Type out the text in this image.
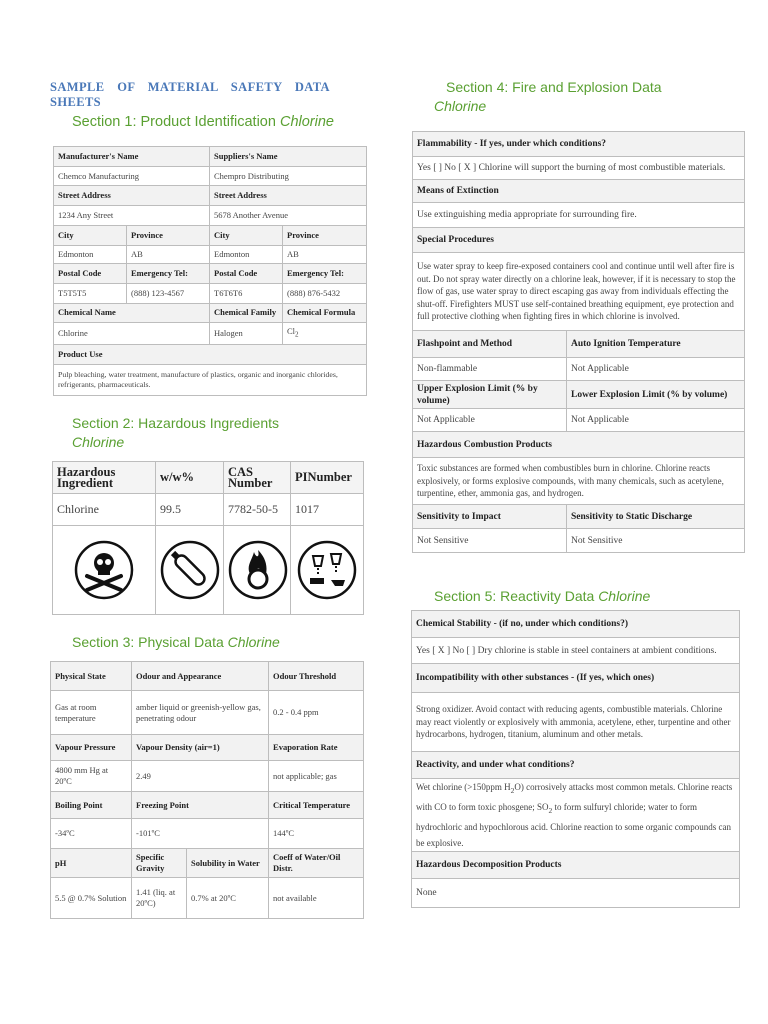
SAMPLE OF MATERIAL SAFETY DATA SHEETS
Section 1: Product Identification Chlorine
Manufacturer's Name		Suppliers's Name	
Chemco Manufacturing		Chempro Distributing	
Street Address		Street Address	
1234 Any Street		5678 Another Avenue	
City	Province	City	Province
Edmonton	AB	Edmonton	AB
Postal Code	Emergency Tel:	Postal Code	Emergency Tel:
T5T5T5	(888) 123-4567	T6T6T6	(888) 876-5432
Chemical Name		Chemical Family	Chemical Formula
Chlorine		Halogen	$Cl_2$
Product Use			
Pulp bleaching, water treatment, manufacture of plastics, organic and inorganic chlorides, refrigerants, pharmaceuticals.			
Section 2: Hazardous Ingredients
Chlorine
Hazardous Ingredient	w/w%	CAS Number	PINumber
Chlorine	99.5	7782-50-5	1017

Section 3: Physical Data Chlorine
Physical State	Odour and Appearance		Odour Threshold
Gas at room temperature	amber liquid or greenish-yellow gas, penetrating odour		0.2 - 0.4 ppm
Vapour Pressure	Vapour Density (air=1)		Evaporation Rate
4800 mm Hg at 20ºC	2.49		not applicable; gas
Boiling Point	Freezing Point		Critical Temperature
-34ºC	-101ºC		144ºC
pH	Specific Gravity	Solubility in Water	Coeff of Water/Oil Distr.
5.5 @ 0.7% Solution	1.41 (liq. at 20ºC)	0.7% at 20ºC	not available
Section 4: Fire and Explosion Data
Chlorine
Flammability - If yes, under which conditions?	
Yes [ ] No [ X ] Chlorine will support the burning of most combustible materials.	
Means of Extinction	
Use extinguishing media appropriate for surrounding fire.	
Special Procedures	
Use water spray to keep fire-exposed containers cool and continue until well after fire is out. Do not spray water directly on a chlorine leak, however, if it is necessary to stop the flow of gas, use water spray to direct escaping gas away from individuals effecting the shut-off. Firefighters MUST use self-contained breathing equipment, eye protection and full protective clothing when fighting fires in which chlorine is involved.	
Flashpoint and Method	Auto Ignition Temperature
Non-flammable	Not Applicable
Upper Explosion Limit (% by volume)	Lower Explosion Limit (% by volume)
Not Applicable	Not Applicable
Hazardous Combustion Products	
Toxic substances are formed when combustibles burn in chlorine. Chlorine reacts explosively, or forms explosive compounds, with many chemicals, such as acetylene, turpentine, ether, ammonia gas, and hydrogen.	
Sensitivity to Impact	Sensitivity to Static Discharge
Not Sensitive	Not Sensitive
Section 5: Reactivity Data Chlorine
Chemical Stability - (if no, under which conditions?)
Yes [ X ] No [ ] Dry chlorine is stable in steel containers at ambient conditions.
Incompatibility with other substances - (If yes, which ones)
Strong oxidizer. Avoid contact with reducing agents, combustible materials. Chlorine may react violently or explosively with ammonia, acetylene, ether, turpentine and other hydrocarbons, hydrogen, titanium, aluminum and other metals.
Reactivity, and under what conditions?
Wet chlorine (>150ppm $H_2O$) corrosively attacks most common metals. Chlorine reacts with CO to form toxic phosgene; $SO_2$ to form sulfuryl chloride; water to form hydrochloric and hypochlorous acid. Chlorine reaction to some organic compounds can be explosive.
Hazardous Decomposition Products
None
